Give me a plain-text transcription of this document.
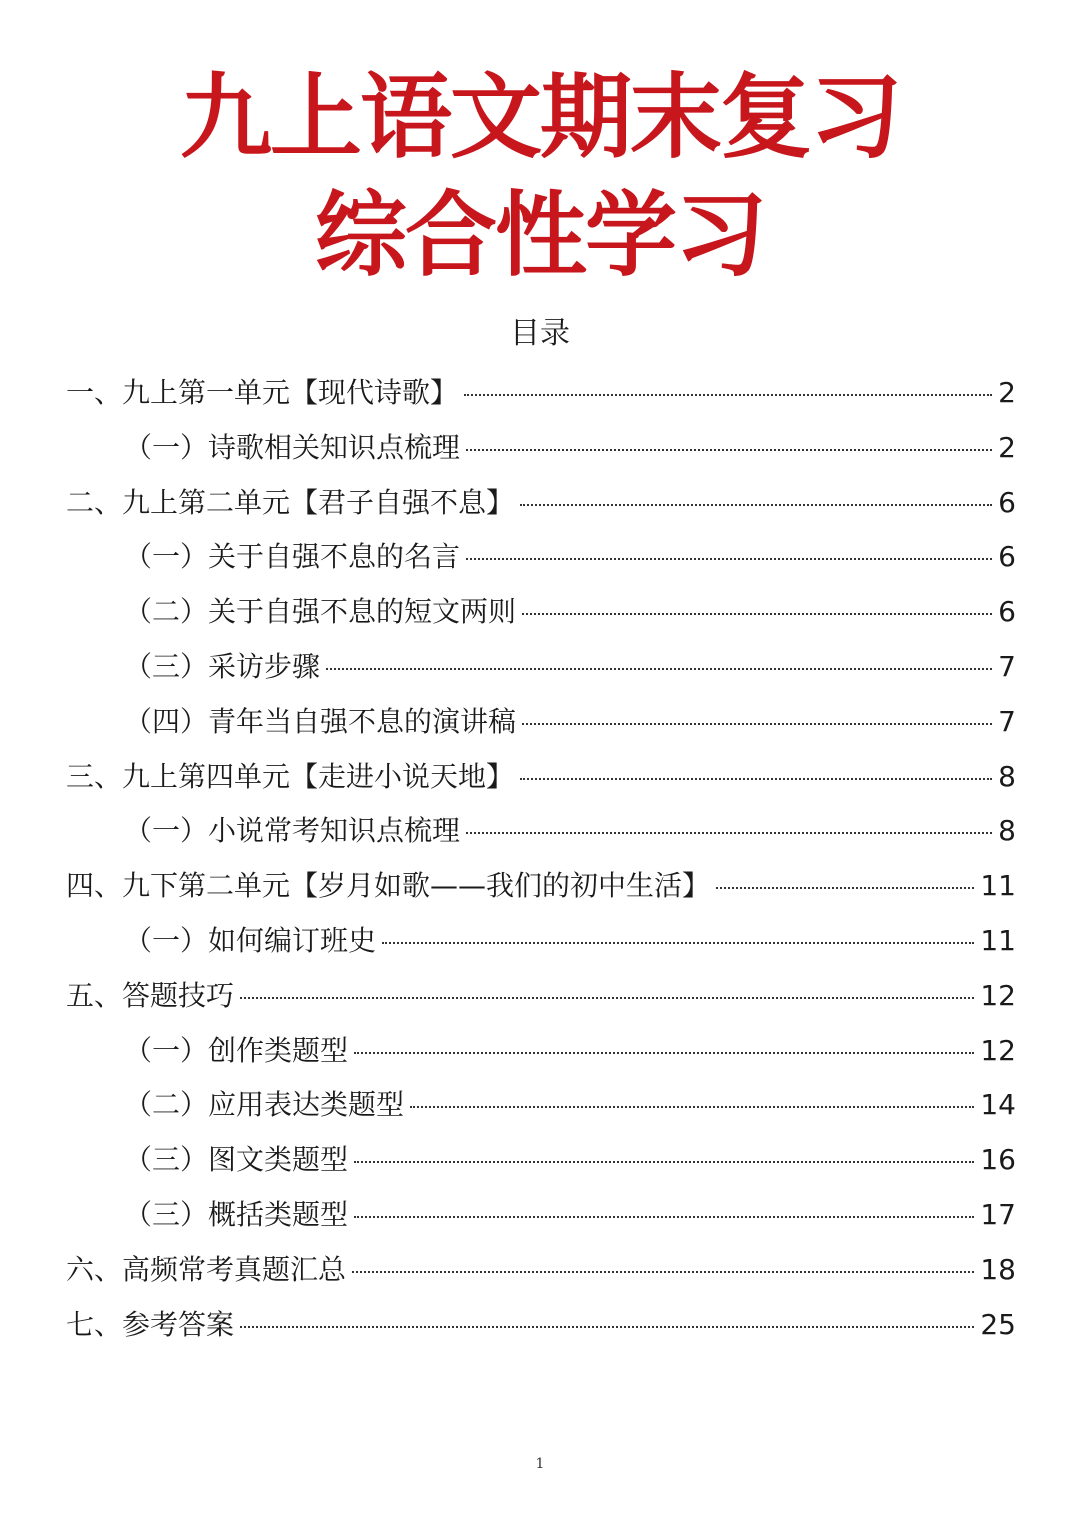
九上语文期末复习
综合性学习
目录
一、九上第一单元【现代诗歌】	2
（一）诗歌相关知识点梳理	2
二、九上第二单元【君子自强不息】	6
（一）关于自强不息的名言	6
（二）关于自强不息的短文两则	6
（三）采访步骤	7
（四）青年当自强不息的演讲稿	7
三、九上第四单元【走进小说天地】	8
（一）小说常考知识点梳理	8
四、九下第二单元【岁月如歌——我们的初中生活】	11
（一）如何编订班史	11
五、答题技巧	12
（一）创作类题型	12
（二）应用表达类题型	14
（三）图文类题型	16
（三）概括类题型	17
六、高频常考真题汇总	18
七、参考答案	25
1
